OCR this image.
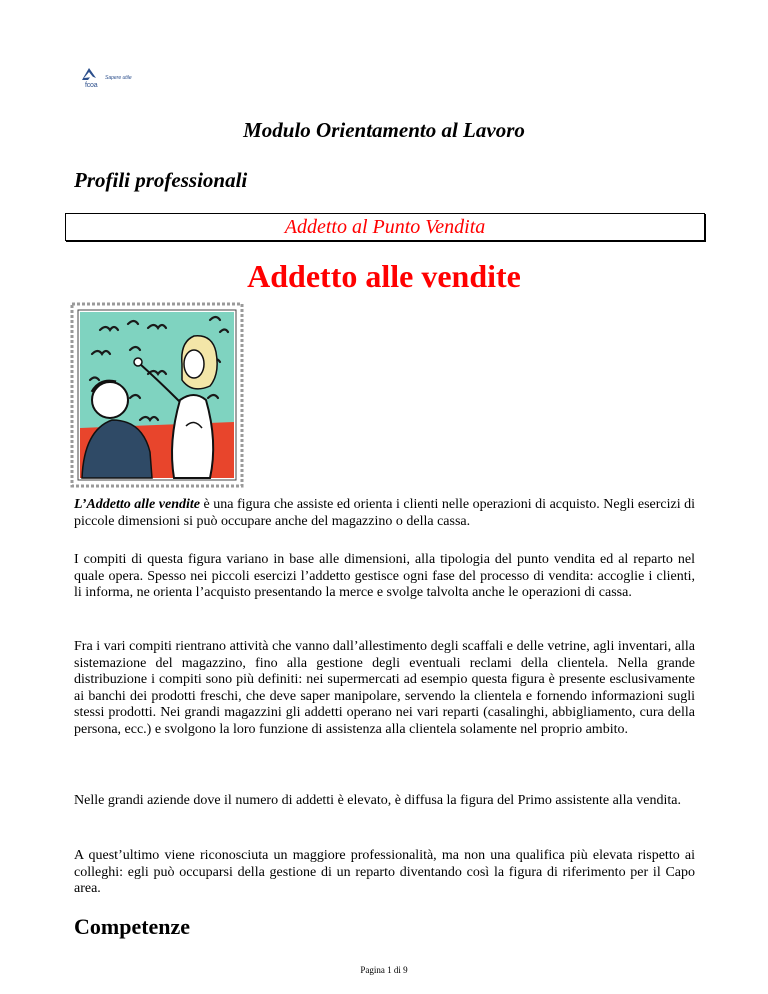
fcoa
Sapere utile
Modulo Orientamento al Lavoro
Profili professionali
Addetto al Punto Vendita
Addetto alle vendite
L’Addetto alle vendite è una figura che assiste ed orienta i clienti nelle operazioni di acquisto. Negli esercizi di piccole dimensioni si può occupare anche del magazzino o della cassa.
I compiti di questa figura variano in base alle dimensioni, alla tipologia del punto vendita ed al reparto nel quale opera. Spesso nei piccoli esercizi l’addetto gestisce ogni fase del processo di vendita: accoglie i clienti, li informa, ne orienta l’acquisto presentando la merce e svolge talvolta anche le operazioni di cassa.
Fra i vari compiti rientrano attività che vanno dall’allestimento degli scaffali e delle vetrine, agli inventari, alla sistemazione del magazzino, fino alla gestione degli eventuali reclami della clientela. Nella grande distribuzione i compiti sono più definiti: nei supermercati ad esempio questa figura è presente esclusivamente ai banchi dei prodotti freschi, che deve saper manipolare, servendo la clientela e fornendo informazioni sugli stessi prodotti. Nei grandi magazzini gli addetti operano nei vari reparti (casalinghi, abbigliamento, cura della persona, ecc.) e svolgono la loro funzione di assistenza alla clientela solamente nel proprio ambito.
Nelle grandi aziende dove il numero di addetti è elevato, è diffusa la figura del Primo assistente alla vendita.
A quest’ultimo viene riconosciuta un maggiore professionalità, ma non una qualifica più elevata rispetto ai colleghi: egli può occuparsi della gestione di un reparto diventando così la figura di riferimento per il Capo area.
Competenze
Pagina 1 di 9
